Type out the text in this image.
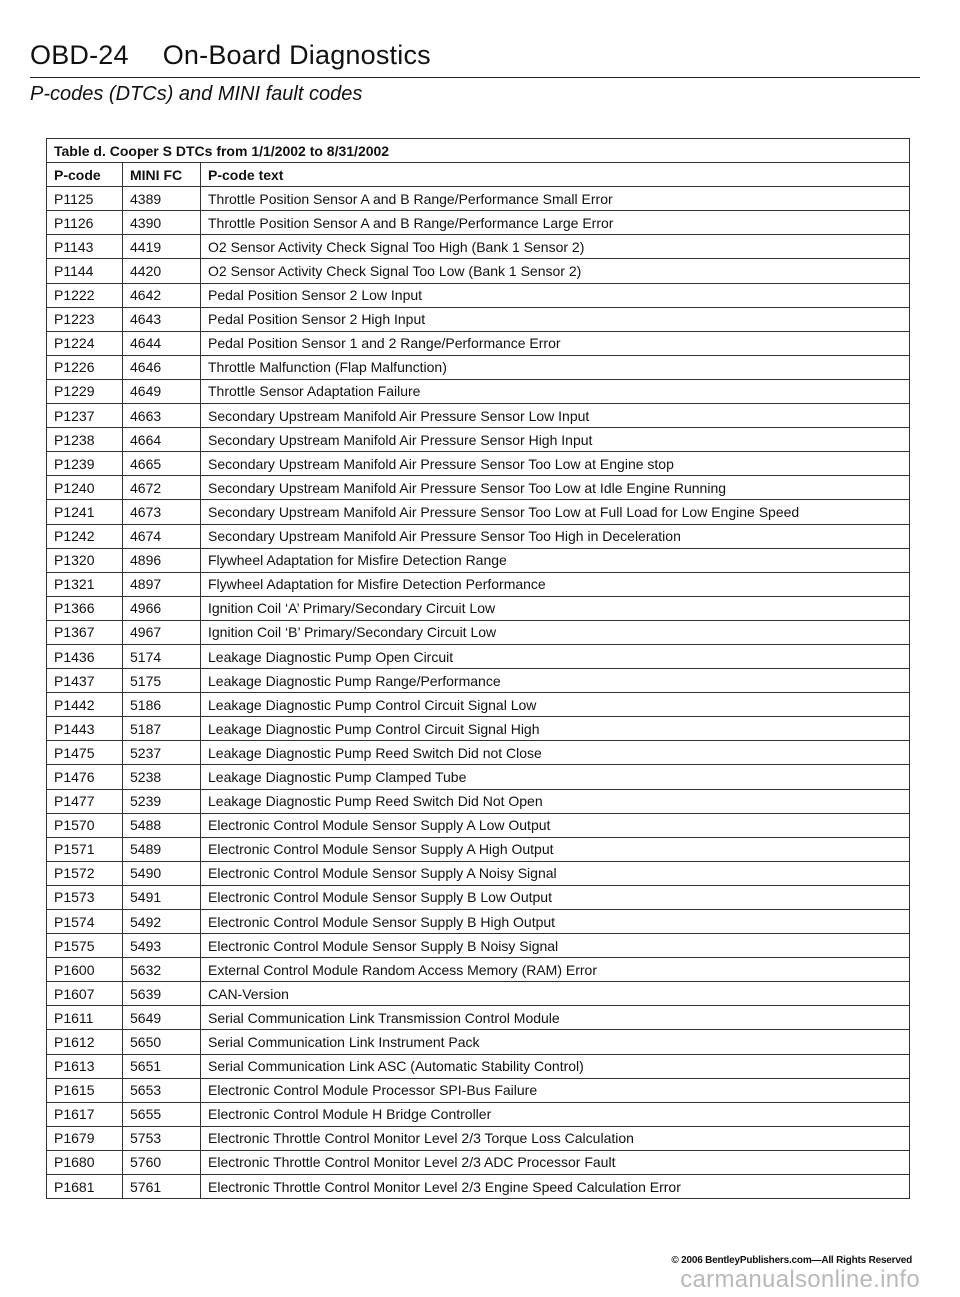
OBD-24 On-Board Diagnostics
P-codes (DTCs) and MINI fault codes
Table d. Cooper S DTCs from 1/1/2002 to 8/31/2002		
P-code	MINI FC	P-code text
P1125	4389	Throttle Position Sensor A and B Range/Performance Small Error
P1126	4390	Throttle Position Sensor A and B Range/Performance Large Error
P1143	4419	O2 Sensor Activity Check Signal Too High (Bank 1 Sensor 2)
P1144	4420	O2 Sensor Activity Check Signal Too Low (Bank 1 Sensor 2)
P1222	4642	Pedal Position Sensor 2 Low Input
P1223	4643	Pedal Position Sensor 2 High Input
P1224	4644	Pedal Position Sensor 1 and 2 Range/Performance Error
P1226	4646	Throttle Malfunction (Flap Malfunction)
P1229	4649	Throttle Sensor Adaptation Failure
P1237	4663	Secondary Upstream Manifold Air Pressure Sensor Low Input
P1238	4664	Secondary Upstream Manifold Air Pressure Sensor High Input
P1239	4665	Secondary Upstream Manifold Air Pressure Sensor Too Low at Engine stop
P1240	4672	Secondary Upstream Manifold Air Pressure Sensor Too Low at Idle Engine Running
P1241	4673	Secondary Upstream Manifold Air Pressure Sensor Too Low at Full Load for Low Engine Speed
P1242	4674	Secondary Upstream Manifold Air Pressure Sensor Too High in Deceleration
P1320	4896	Flywheel Adaptation for Misfire Detection Range
P1321	4897	Flywheel Adaptation for Misfire Detection Performance
P1366	4966	Ignition Coil ‘A’ Primary/Secondary Circuit Low
P1367	4967	Ignition Coil ‘B’ Primary/Secondary Circuit Low
P1436	5174	Leakage Diagnostic Pump Open Circuit
P1437	5175	Leakage Diagnostic Pump Range/Performance
P1442	5186	Leakage Diagnostic Pump Control Circuit Signal Low
P1443	5187	Leakage Diagnostic Pump Control Circuit Signal High
P1475	5237	Leakage Diagnostic Pump Reed Switch Did not Close
P1476	5238	Leakage Diagnostic Pump Clamped Tube
P1477	5239	Leakage Diagnostic Pump Reed Switch Did Not Open
P1570	5488	Electronic Control Module Sensor Supply A Low Output
P1571	5489	Electronic Control Module Sensor Supply A High Output
P1572	5490	Electronic Control Module Sensor Supply A Noisy Signal
P1573	5491	Electronic Control Module Sensor Supply B Low Output
P1574	5492	Electronic Control Module Sensor Supply B High Output
P1575	5493	Electronic Control Module Sensor Supply B Noisy Signal
P1600	5632	External Control Module Random Access Memory (RAM) Error
P1607	5639	CAN-Version
P1611	5649	Serial Communication Link Transmission Control Module
P1612	5650	Serial Communication Link Instrument Pack
P1613	5651	Serial Communication Link ASC (Automatic Stability Control)
P1615	5653	Electronic Control Module Processor SPI-Bus Failure
P1617	5655	Electronic Control Module H Bridge Controller
P1679	5753	Electronic Throttle Control Monitor Level 2/3 Torque Loss Calculation
P1680	5760	Electronic Throttle Control Monitor Level 2/3 ADC Processor Fault
P1681	5761	Electronic Throttle Control Monitor Level 2/3 Engine Speed Calculation Error
© 2006 BentleyPublishers.com—All Rights Reserved
carmanualsonline.info
